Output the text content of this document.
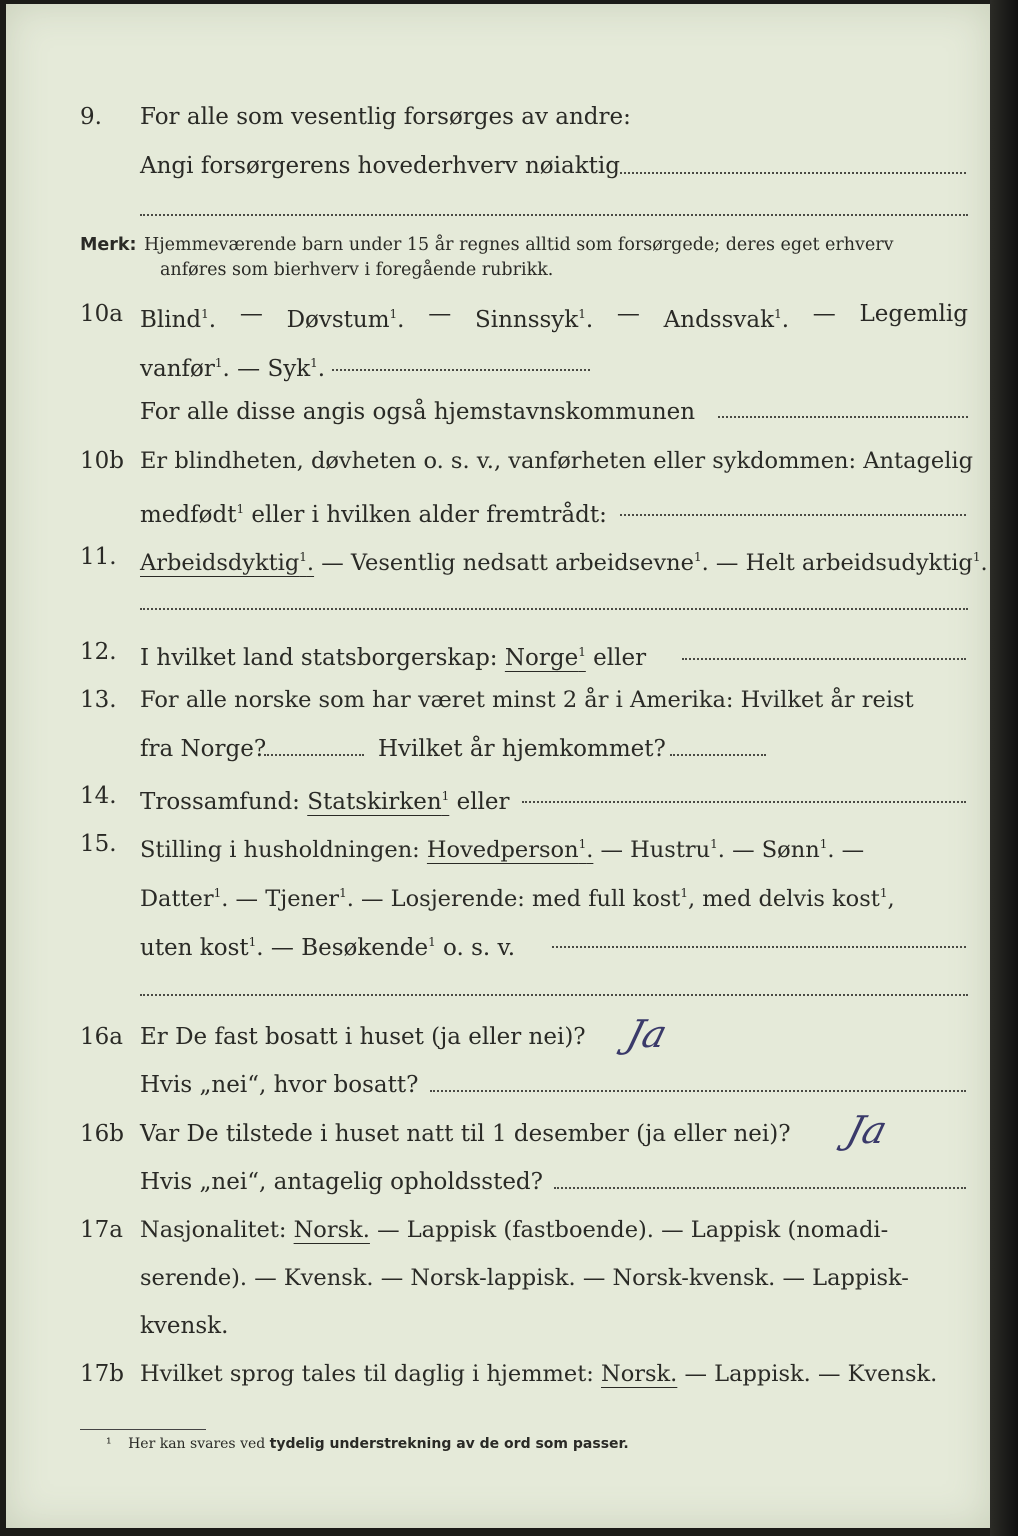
9. For alle som vesentlig forsørges av andre:
Angi forsørgerens hovederhverv nøiaktig
Merk: Hjemmeværende barn under 15 år regnes alltid som forsørgede; deres eget erhverv
anføres som bierhverv i foregående rubrikk.
10a Blind$^1$. — Døvstum$^1$. — Sinnssyk$^1$. — Andssvak$^1$. — Legemlig
vanfør$^1$. — Syk$^1$.
For alle disse angis også hjemstavnskommunen
10b Er blindheten, døvheten o. s. v., vanførheten eller sykdommen: Antagelig
medfødt$^1$ eller i hvilken alder fremtrådt:
11. Arbeidsdyktig$^1$. — Vesentlig nedsatt arbeidsevne$^1$. — Helt arbeidsudyktig$^1$.
12. I hvilket land statsborgerskap: Norge$^1$ eller
13. For alle norske som har været minst 2 år i Amerika: Hvilket år reist
fra Norge?	Hvilket år hjemkommet?
14. Trossamfund: Statskirken$^1$ eller
15. Stilling i husholdningen: Hovedperson$^1$. — Hustru$^1$. — Sønn$^1$. —
Datter$^1$. — Tjener$^1$. — Losjerende: med full kost$^1$, med delvis kost$^1$,
uten kost$^1$. — Besøkende$^1$ o. s. v.
16a Er De fast bosatt i huset (ja eller nei)? Ja
Hvis „nei“, hvor bosatt?
16b Var De tilstede i huset natt til 1 desember (ja eller nei)? Ja
Hvis „nei“, antagelig opholdssted?
17a Nasjonalitet: Norsk. — Lappisk (fastboende). — Lappisk (nomadi-
serende). — Kvensk. — Norsk-lappisk. — Norsk-kvensk. — Lappisk-
kvensk.
17b Hvilket sprog tales til daglig i hjemmet: Norsk. — Lappisk. — Kvensk.
¹ Her kan svares ved tydelig understrekning av de ord som passer.
